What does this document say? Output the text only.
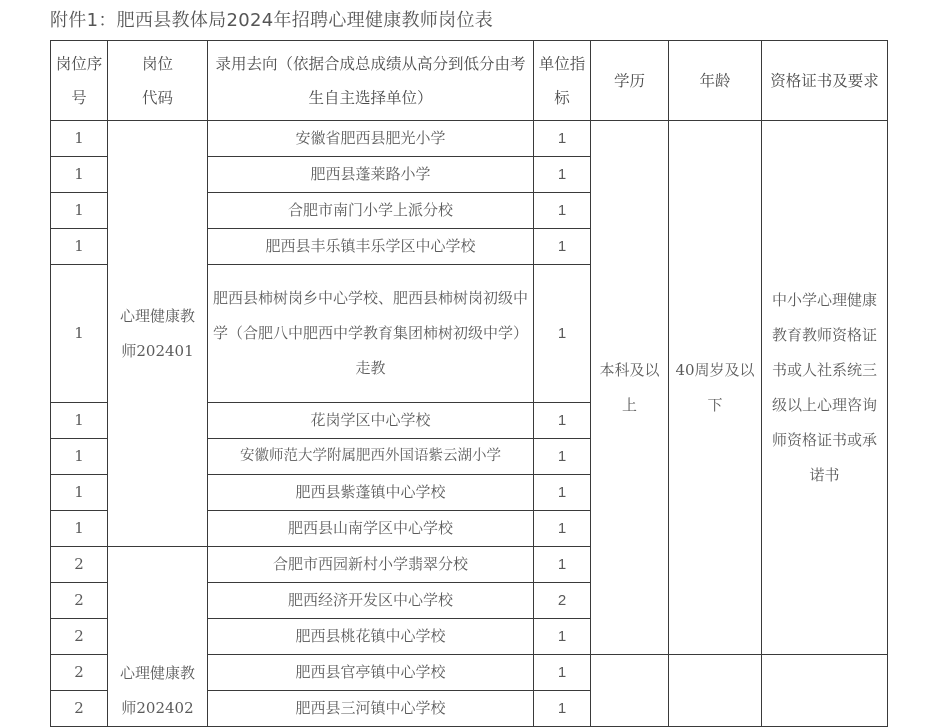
附件1：肥西县教体局2024年招聘心理健康教师岗位表
岗位序号	岗位代码	录用去向（依据合成总成绩从高分到低分由考生自主选择单位）	单位指标	学历	年龄	资格证书及要求
1	心理健康教师202401	安徽省肥西县肥光小学	1	本科及以上	40周岁及以下	中小学心理健康教育教师资格证书或人社系统三级以上心理咨询师资格证书或承诺书
1		肥西县蓬莱路小学	1			
1		合肥市南门小学上派分校	1			
1		肥西县丰乐镇丰乐学区中心学校	1			
1		肥西县柿树岗乡中心学校、肥西县柿树岗初级中学（合肥八中肥西中学教育集团柿树初级中学）走教	1			
1		花岗学区中心学校	1			
1		安徽师范大学附属肥西外国语紫云湖小学	1			
1		肥西县紫蓬镇中心学校	1			
1		肥西县山南学区中心学校	1			
2	心理健康教师202402	合肥市西园新村小学翡翠分校	1			
2		肥西经济开发区中心学校	2			
2		肥西县桃花镇中心学校	1			
2		肥西县官亭镇中心学校	1			
2		肥西县三河镇中心学校	1			
